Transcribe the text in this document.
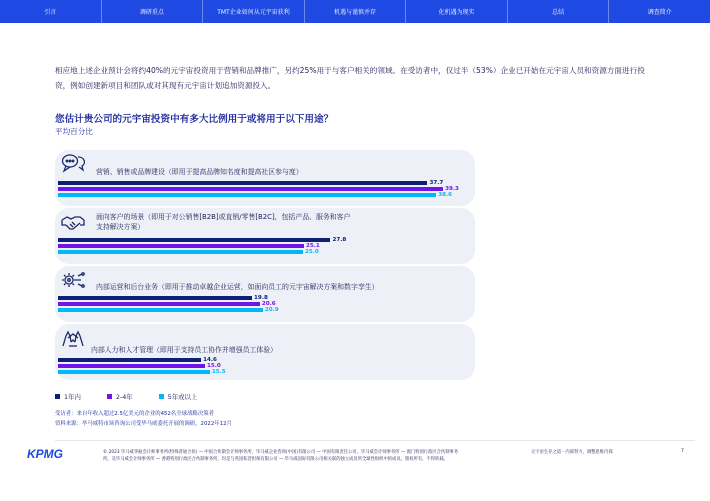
引言	调研重点	TMT企业如何从元宇宙获利	机遇与谨慎并存	化机遇为现实	总结	调查简介

相应地上述企业预计会将约40%的元宇宙投资用于营销和品牌推广，另约25%用于与客户相关的领域。在受访者中，仅过半（53%）企业已开始在元宇宙人员和资源方面进行投资，例如创建新项目和团队或对其现有元宇宙计划追加资源投入。

您估计贵公司的元宇宙投资中有多大比例用于或将用于以下用途？

平均百分比

营销、销售或品牌建设（即用于提高品牌知名度和提高社区参与度）
37.7
39.3
38.6
面向客户的场景（即用于对公销售[B2B]或直销/零售[B2C]，包括产品、服务和客户
支持解决方案）
27.8
25.1
25.0
内部运营和后台业务（即用于推动卓越企业运营，如面向员工的元宇宙解决方案和数字孪生）
19.8
20.6
20.9
内部人力和人才管理（即用于支持员工协作并增强员工体验）
14.6
15.0
15.5
1年内	2-4年	5年或以上

受访者：来自年收入超过2.5亿美元的企业的452名全球战略决策者

资料来源：毕马威特市场咨询公司受毕马威委托开展的调研，2022年12月

KPMG	© 2023 毕马威华振会计师事务所(特殊普通合伙) — 中国合伙制会计师事务所，毕马威企业咨询(中国)有限公司 — 中国有限责任公司，毕马威会计师事务所 — 澳门特别行政区合伙制事务
所，及毕马威会计师事务所 — 香港特别行政区合伙制事务所，均是与英国私营担保有限公司 — 毕马威国际有限公司相关联的独立成员所全球性组织中的成员。版权所有，不得转载。
元宇宙生存之道 - 内部努力，调整思维内探	7
